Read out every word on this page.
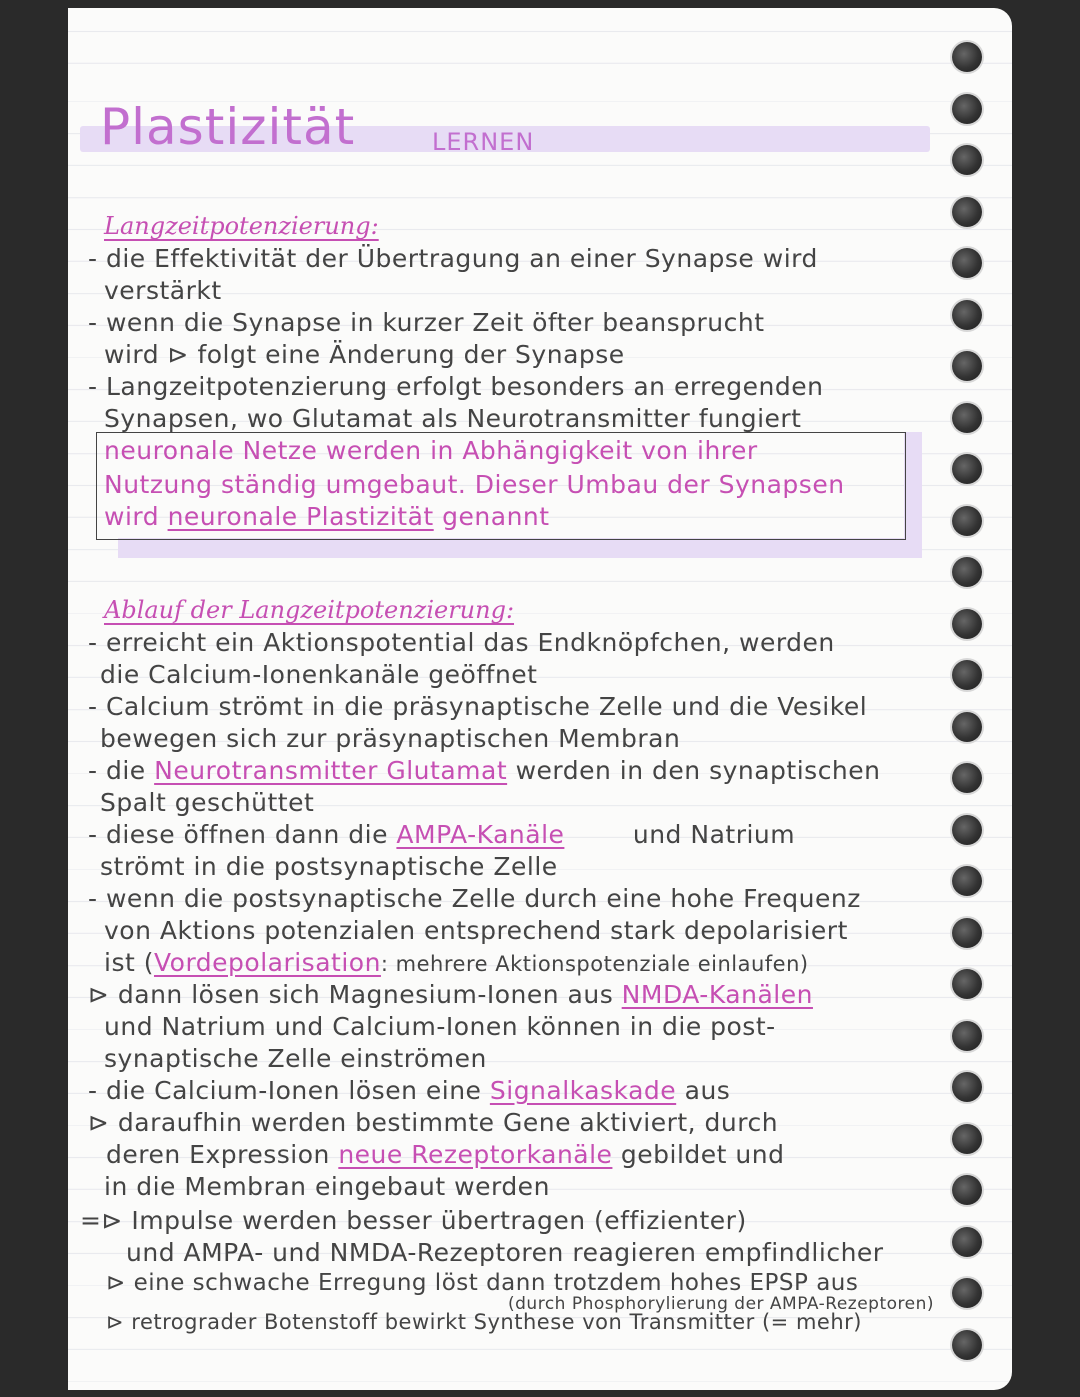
Plastizität	LERNEN
Langzeitpotenzierung:
- die Effektivität der Übertragung an einer Synapse wird
verstärkt
- wenn die Synapse in kurzer Zeit öfter beansprucht
wird ⊳ folgt eine Änderung der Synapse
- Langzeitpotenzierung erfolgt besonders an erregenden
Synapsen, wo Glutamat als Neurotransmitter fungiert
neuronale Netze werden in Abhängigkeit von ihrer
Nutzung ständig umgebaut. Dieser Umbau der Synapsen
wird neuronale Plastizität genannt
Ablauf der Langzeitpotenzierung:
- erreicht ein Aktionspotential das Endknöpfchen, werden
die Calcium-Ionenkanäle geöffnet
- Calcium strömt in die präsynaptische Zelle und die Vesikel
bewegen sich zur präsynaptischen Membran
- die Neurotransmitter Glutamat werden in den synaptischen
Spalt geschüttet
- diese öffnen dann die AMPA-Kanäle	und Natrium
strömt in die postsynaptische Zelle
- wenn die postsynaptische Zelle durch eine hohe Frequenz
von Aktions potenzialen entsprechend stark depolarisiert
ist (Vordepolarisation: mehrere Aktionspotenziale einlaufen)
⊳ dann lösen sich Magnesium-Ionen aus NMDA-Kanälen
und Natrium und Calcium-Ionen können in die post-
synaptische Zelle einströmen
- die Calcium-Ionen lösen eine Signalkaskade aus
⊳ daraufhin werden bestimmte Gene aktiviert, durch
deren Expression neue Rezeptorkanäle gebildet und
in die Membran eingebaut werden
=⊳ Impulse werden besser übertragen (effizienter)
und AMPA- und NMDA-Rezeptoren reagieren empfindlicher
⊳ eine schwache Erregung löst dann trotzdem hohes EPSP aus
(durch Phosphorylierung der AMPA-Rezeptoren)
⊳ retrograder Botenstoff bewirkt Synthese von Transmitter (= mehr)
